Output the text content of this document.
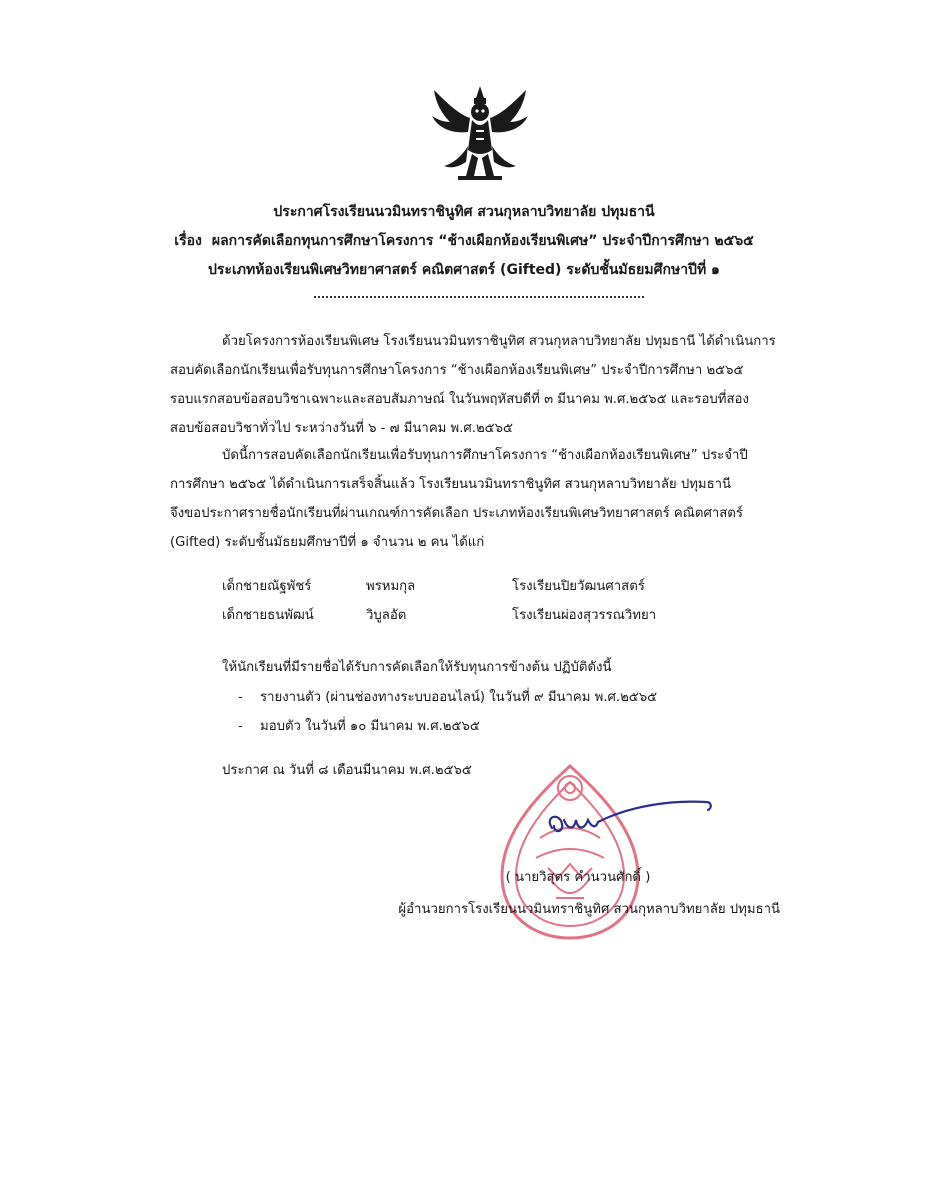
ประกาศโรงเรียนนวมินทราชินูทิศ สวนกุหลาบวิทยาลัย ปทุมธานี
เรื่อง ผลการคัดเลือกทุนการศึกษาโครงการ “ช้างเผือกห้องเรียนพิเศษ” ประจำปีการศึกษา ๒๕๖๕
ประเภทห้องเรียนพิเศษวิทยาศาสตร์ คณิตศาสตร์ (Gifted) ระดับชั้นมัธยมศึกษาปีที่ ๑
ด้วยโครงการห้องเรียนพิเศษ โรงเรียนนวมินทราชินูทิศ สวนกุหลาบวิทยาลัย ปทุมธานี ได้ดำเนินการ
สอบคัดเลือกนักเรียนเพื่อรับทุนการศึกษาโครงการ “ช้างเผือกห้องเรียนพิเศษ” ประจำปีการศึกษา ๒๕๖๕
รอบแรกสอบข้อสอบวิชาเฉพาะและสอบสัมภาษณ์ ในวันพฤหัสบดีที่ ๓ มีนาคม พ.ศ.๒๕๖๕ และรอบที่สอง
สอบข้อสอบวิชาทั่วไป ระหว่างวันที่ ๖ - ๗ มีนาคม พ.ศ.๒๕๖๕
บัดนี้การสอบคัดเลือกนักเรียนเพื่อรับทุนการศึกษาโครงการ “ช้างเผือกห้องเรียนพิเศษ” ประจำปี
การศึกษา ๒๕๖๕ ได้ดำเนินการเสร็จสิ้นแล้ว โรงเรียนนวมินทราชินูทิศ สวนกุหลาบวิทยาลัย ปทุมธานี
จึงขอประกาศรายชื่อนักเรียนที่ผ่านเกณฑ์การคัดเลือก ประเภทห้องเรียนพิเศษวิทยาศาสตร์ คณิตศาสตร์
(Gifted) ระดับชั้นมัธยมศึกษาปีที่ ๑ จำนวน ๒ คน ได้แก่
เด็กชายณัฐพัชร์	พรหมกุล	โรงเรียนปิยวัฒนศาสตร์
เด็กชายธนพัฒน์	วิบูลอัต	โรงเรียนผ่องสุวรรณวิทยา
ให้นักเรียนที่มีรายชื่อได้รับการคัดเลือกให้รับทุนการข้างต้น ปฏิบัติดังนี้
- รายงานตัว (ผ่านช่องทางระบบออนไลน์) ในวันที่ ๙ มีนาคม พ.ศ.๒๕๖๕
- มอบตัว ในวันที่ ๑๐ มีนาคม พ.ศ.๒๕๖๕
ประกาศ ณ วันที่ ๘ เดือนมีนาคม พ.ศ.๒๕๖๕
( นายวิสุตร คำนวนศักดิ์ )
ผู้อำนวยการโรงเรียนนวมินทราชินูทิศ สวนกุหลาบวิทยาลัย ปทุมธานี
